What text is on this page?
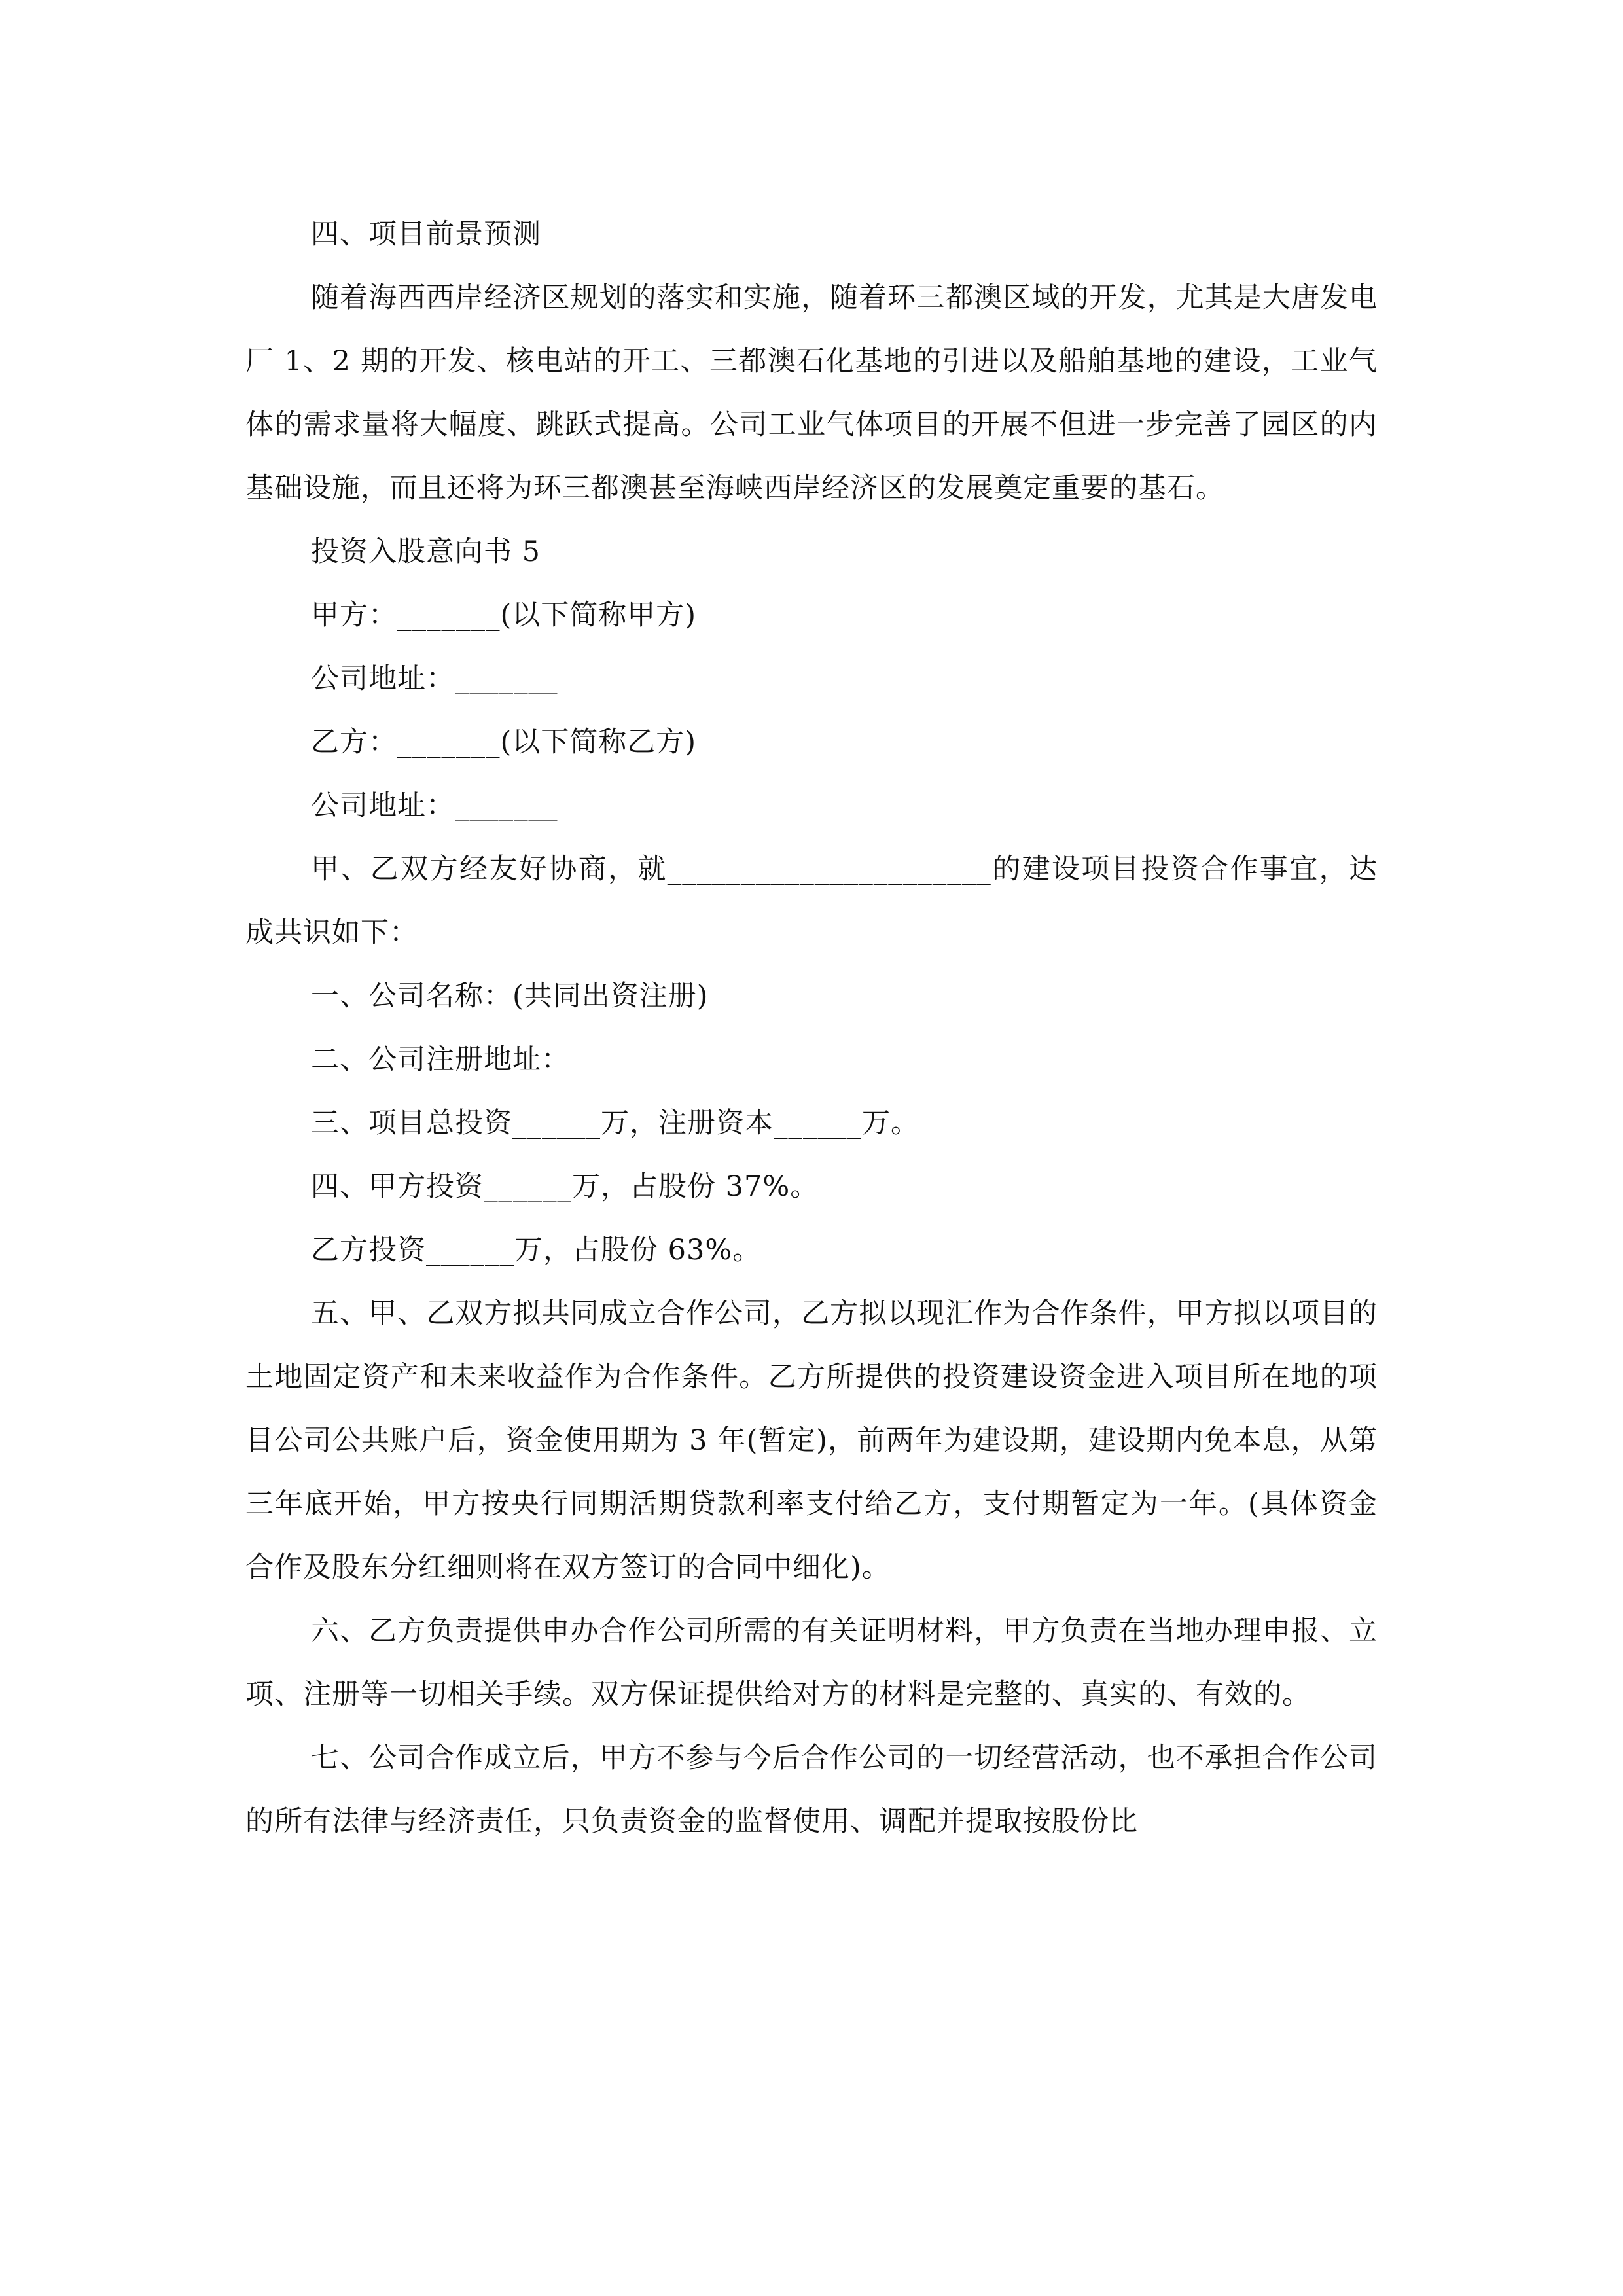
四、项目前景预测

随着海西西岸经济区规划的落实和实施，随着环三都澳区域的开发，尤其是大唐发电厂 1、2 期的开发、核电站的开工、三都澳石化基地的引进以及船舶基地的建设，工业气体的需求量将大幅度、跳跃式提高。公司工业气体项目的开展不但进一步完善了园区的内基础设施，而且还将为环三都澳甚至海峡西岸经济区的发展奠定重要的基石。

投资入股意向书 5

甲方：_______(以下简称甲方)

公司地址：_______

乙方：_______(以下简称乙方)

公司地址：_______

甲、乙双方经友好协商，就______________________的建设项目投资合作事宜，达成共识如下：

一、公司名称：(共同出资注册)

二、公司注册地址：

三、项目总投资______万，注册资本______万。

四、甲方投资______万，占股份 37%。

乙方投资______万，占股份 63%。

五、甲、乙双方拟共同成立合作公司，乙方拟以现汇作为合作条件，甲方拟以项目的土地固定资产和未来收益作为合作条件。乙方所提供的投资建设资金进入项目所在地的项目公司公共账户后，资金使用期为 3 年(暂定)，前两年为建设期，建设期内免本息，从第三年底开始，甲方按央行同期活期贷款利率支付给乙方，支付期暂定为一年。(具体资金合作及股东分红细则将在双方签订的合同中细化)。

六、乙方负责提供申办合作公司所需的有关证明材料，甲方负责在当地办理申报、立项、注册等一切相关手续。双方保证提供给对方的材料是完整的、真实的、有效的。

七、公司合作成立后，甲方不参与今后合作公司的一切经营活动，也不承担合作公司的所有法律与经济责任，只负责资金的监督使用、调配并提取按股份比
